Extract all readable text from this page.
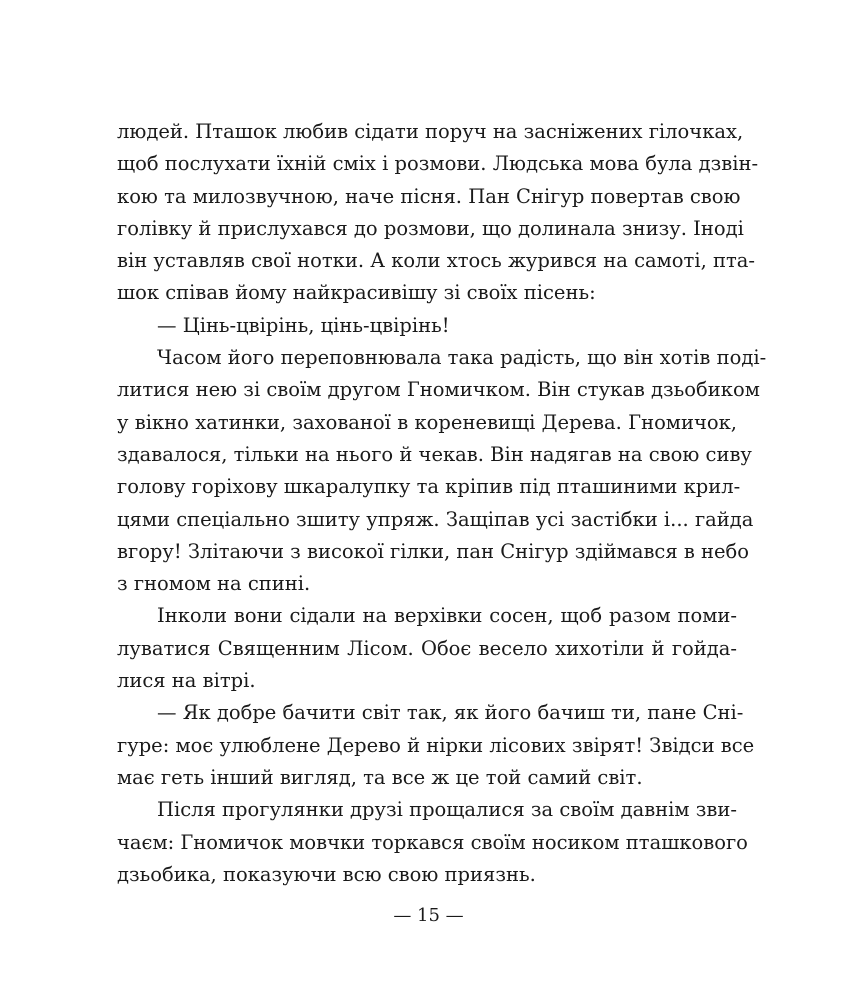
людей. Пташок любив сідати поруч на засніжених гілочках,
щоб послухати їхній сміх і розмови. Людська мова була дзвін-
кою та милозвучною, наче пісня. Пан Снігур повертав свою
голівку й прислухався до розмови, що долинала знизу. Іноді
він уставляв свої нотки. А коли хтось журився на самоті, пта-
шок співав йому найкрасивішу зі своїх пісень:
— Цінь-цвірінь, цінь-цвірінь!
Часом його переповнювала така радість, що він хотів поді-
литися нею зі своїм другом Гномичком. Він стукав дзьобиком
у вікно хатинки, захованої в кореневищі Дерева. Гномичок,
здавалося, тільки на нього й чекав. Він надягав на свою сиву
голову горіхову шкаралупку та кріпив під пташиними крил-
цями спеціально зшиту упряж. Защіпав усі застібки і... гайда
вгору! Злітаючи з високої гілки, пан Снігур здіймався в небо
з гномом на спині.
Інколи вони сідали на верхівки сосен, щоб разом поми-
луватися Священним Лісом. Обоє весело хихотіли й гойда-
лися на вітрі.
— Як добре бачити світ так, як його бачиш ти, пане Сні-
гуре: моє улюблене Дерево й нірки лісових звірят! Звідси все
має геть інший вигляд, та все ж це той самий світ.
Після прогулянки друзі прощалися за своїм давнім зви-
чаєм: Гномичок мовчки торкався своїм носиком пташкового
дзьобика, показуючи всю свою приязнь.
— 15 —
